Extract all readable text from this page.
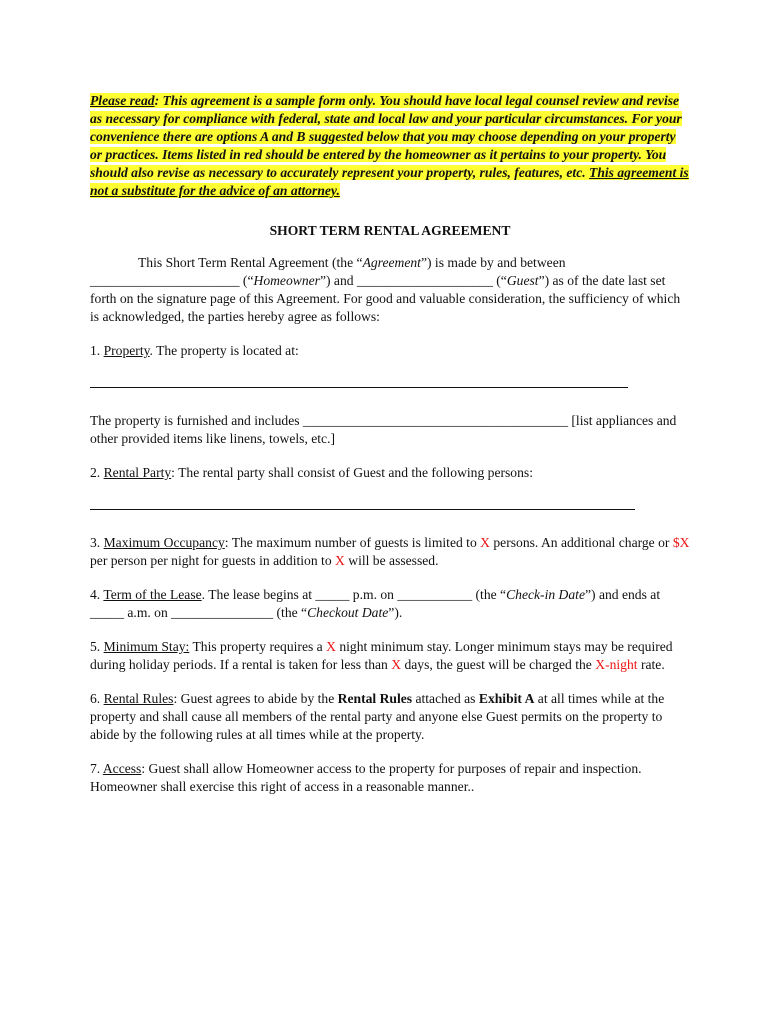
Please read: This agreement is a sample form only. You should have local legal counsel review and revise as necessary for compliance with federal, state and local law and your particular circumstances. For your convenience there are options A and B suggested below that you may choose depending on your property or practices. Items listed in red should be entered by the homeowner as it pertains to your property. You should also revise as necessary to accurately represent your property, rules, features, etc. This agreement is not a substitute for the advice of an attorney.

SHORT TERM RENTAL AGREEMENT

This Short Term Rental Agreement (the “Agreement”) is made by and between ______________________ (“Homeowner”) and ____________________ (“Guest”) as of the date last set forth on the signature page of this Agreement. For good and valuable consideration, the sufficiency of which is acknowledged, the parties hereby agree as follows:

1. Property. The property is located at:

The property is furnished and includes _______________________________________ [list appliances and other provided items like linens, towels, etc.]

2. Rental Party: The rental party shall consist of Guest and the following persons:

3. Maximum Occupancy: The maximum number of guests is limited to X persons. An additional charge or $X per person per night for guests in addition to X will be assessed.

4. Term of the Lease. The lease begins at _____ p.m. on ___________ (the “Check-in Date”) and ends at _____ a.m. on _______________ (the “Checkout Date”).

5. Minimum Stay: This property requires a X night minimum stay. Longer minimum stays may be required during holiday periods. If a rental is taken for less than X days, the guest will be charged the X-night rate.

6. Rental Rules: Guest agrees to abide by the Rental Rules attached as Exhibit A at all times while at the property and shall cause all members of the rental party and anyone else Guest permits on the property to abide by the following rules at all times while at the property.

7. Access: Guest shall allow Homeowner access to the property for purposes of repair and inspection. Homeowner shall exercise this right of access in a reasonable manner..
